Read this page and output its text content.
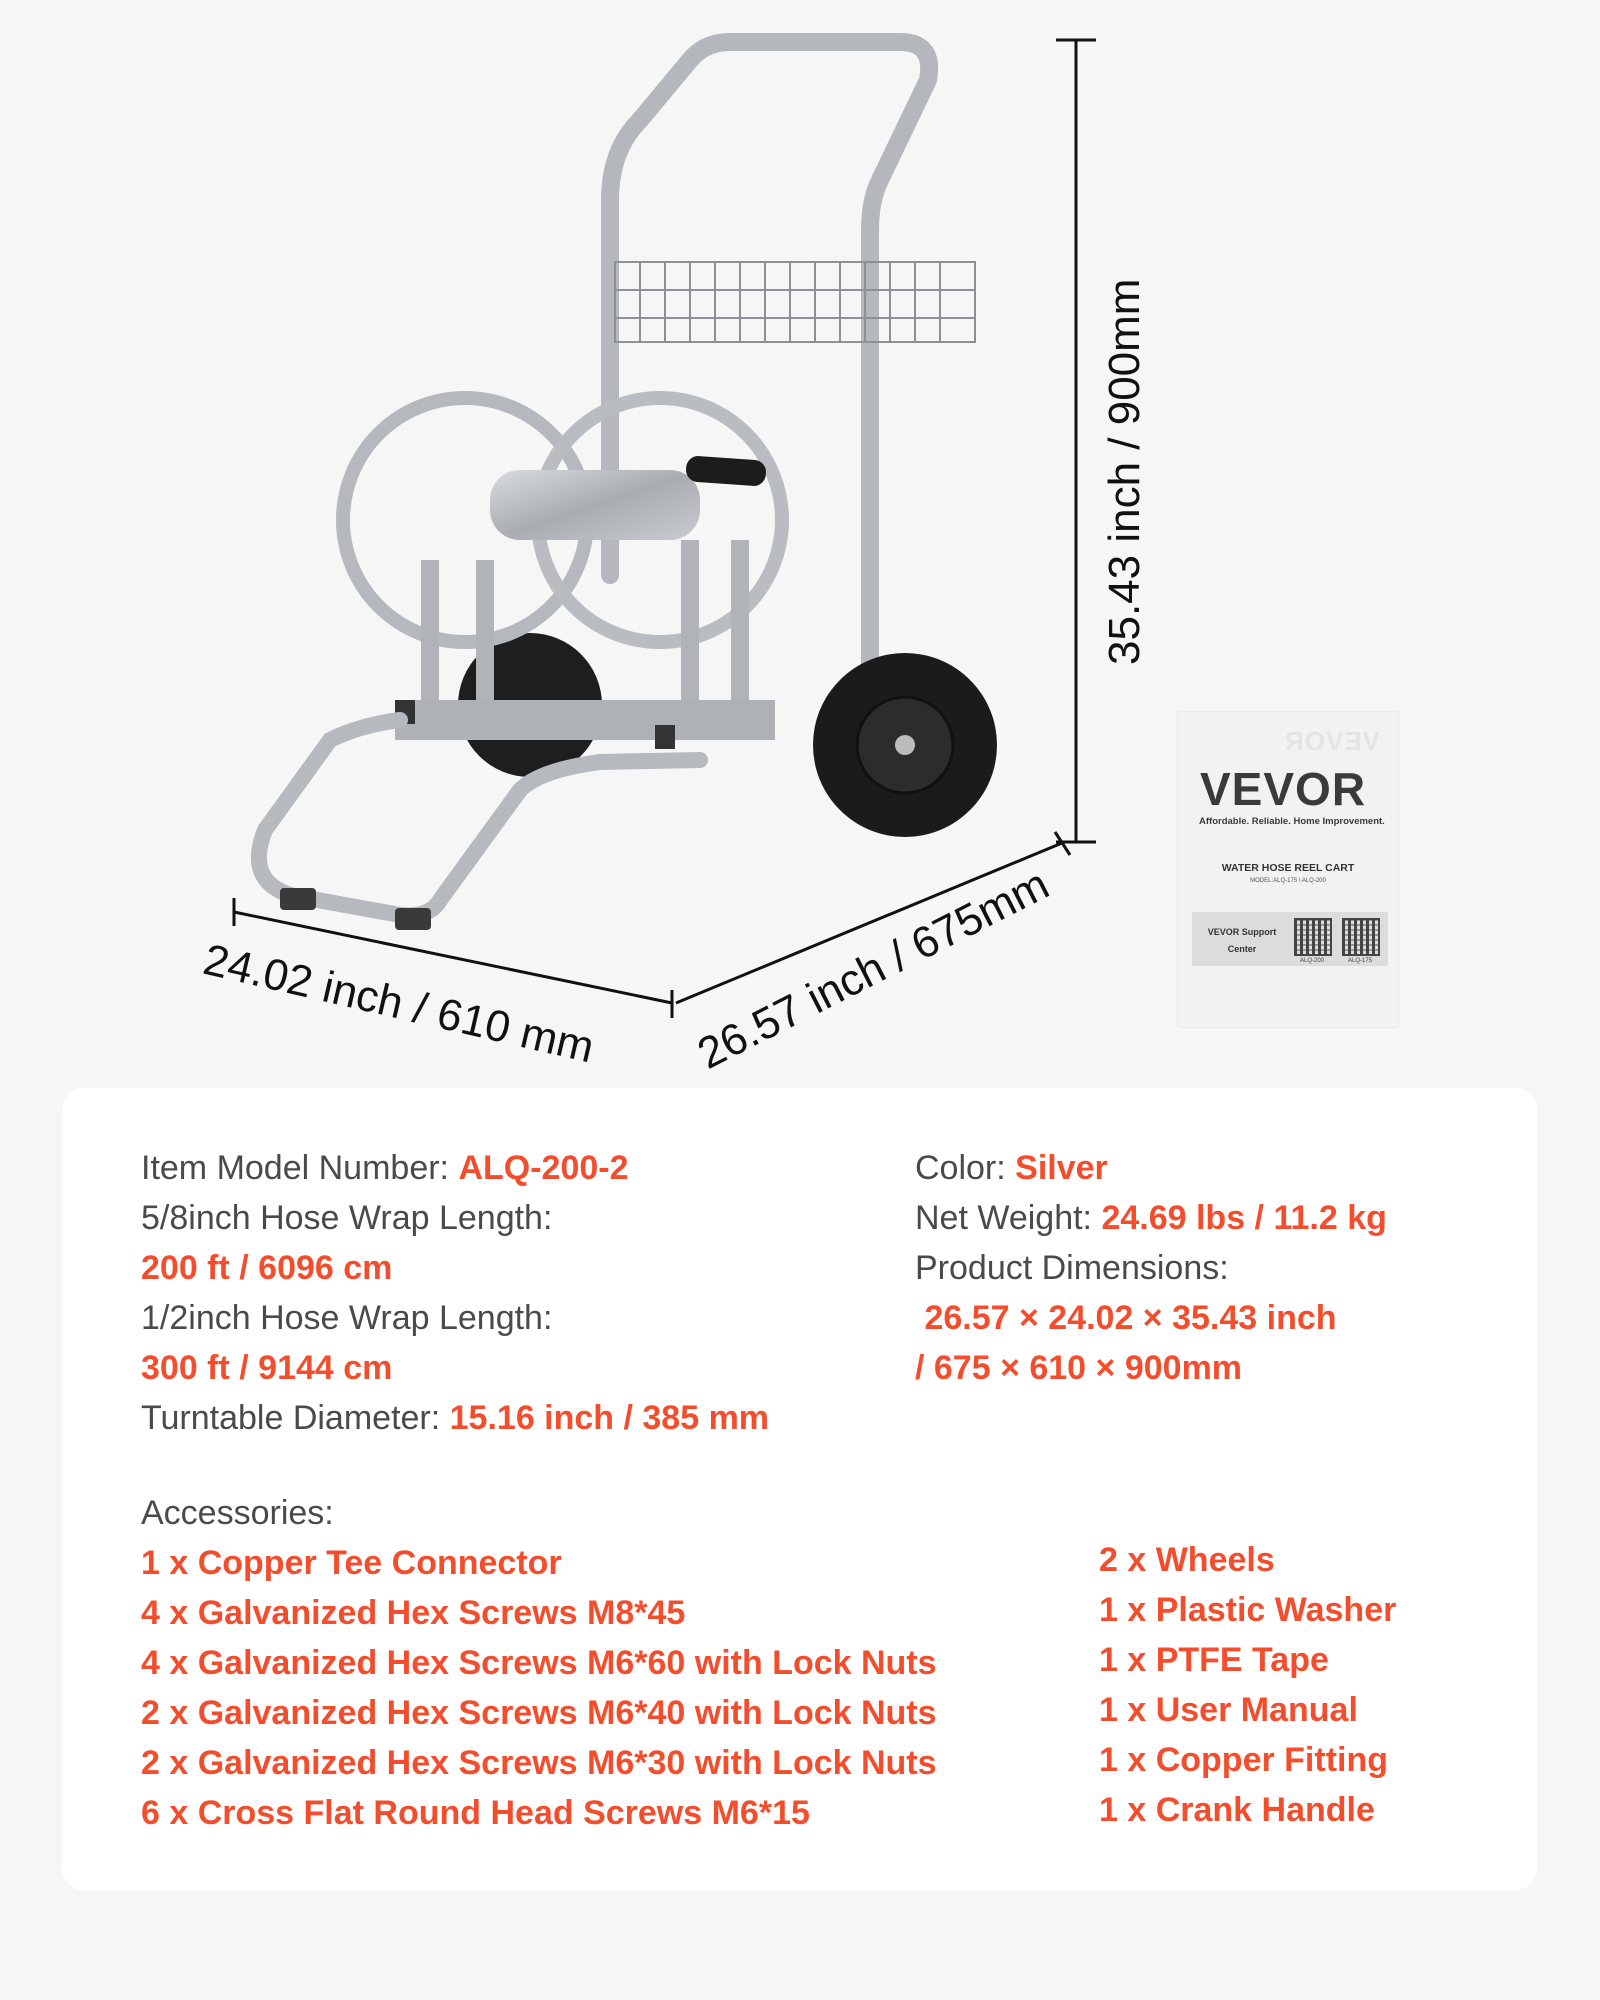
24.02 inch / 610 mm 26.57 inch / 675mm
35.43 inch / 900mm
VEVOR
VEVOR
Affordable. Reliable. Home Improvement.
WATER HOSE REEL CART
MODEL:ALQ-175 \ ALQ-200
VEVOR Support
Center
ALQ-200	ALQ-175
Item Model Number: ALQ-200-2
5/8inch Hose Wrap Length:
200 ft / 6096 cm
1/2inch Hose Wrap Length:
300 ft / 9144 cm
Turntable Diameter: 15.16 inch / 385 mm
Color: Silver
Net Weight: 24.69 lbs / 11.2 kg
Product Dimensions:
26.57 × 24.02 × 35.43 inch
/ 675 × 610 × 900mm
Accessories:
1 x Copper Tee Connector
4 x Galvanized Hex Screws M8*45
4 x Galvanized Hex Screws M6*60 with Lock Nuts
2 x Galvanized Hex Screws M6*40 with Lock Nuts
2 x Galvanized Hex Screws M6*30 with Lock Nuts
6 x Cross Flat Round Head Screws M6*15
2 x Wheels
1 x Plastic Washer
1 x PTFE Tape
1 x User Manual
1 x Copper Fitting
1 x Crank Handle
